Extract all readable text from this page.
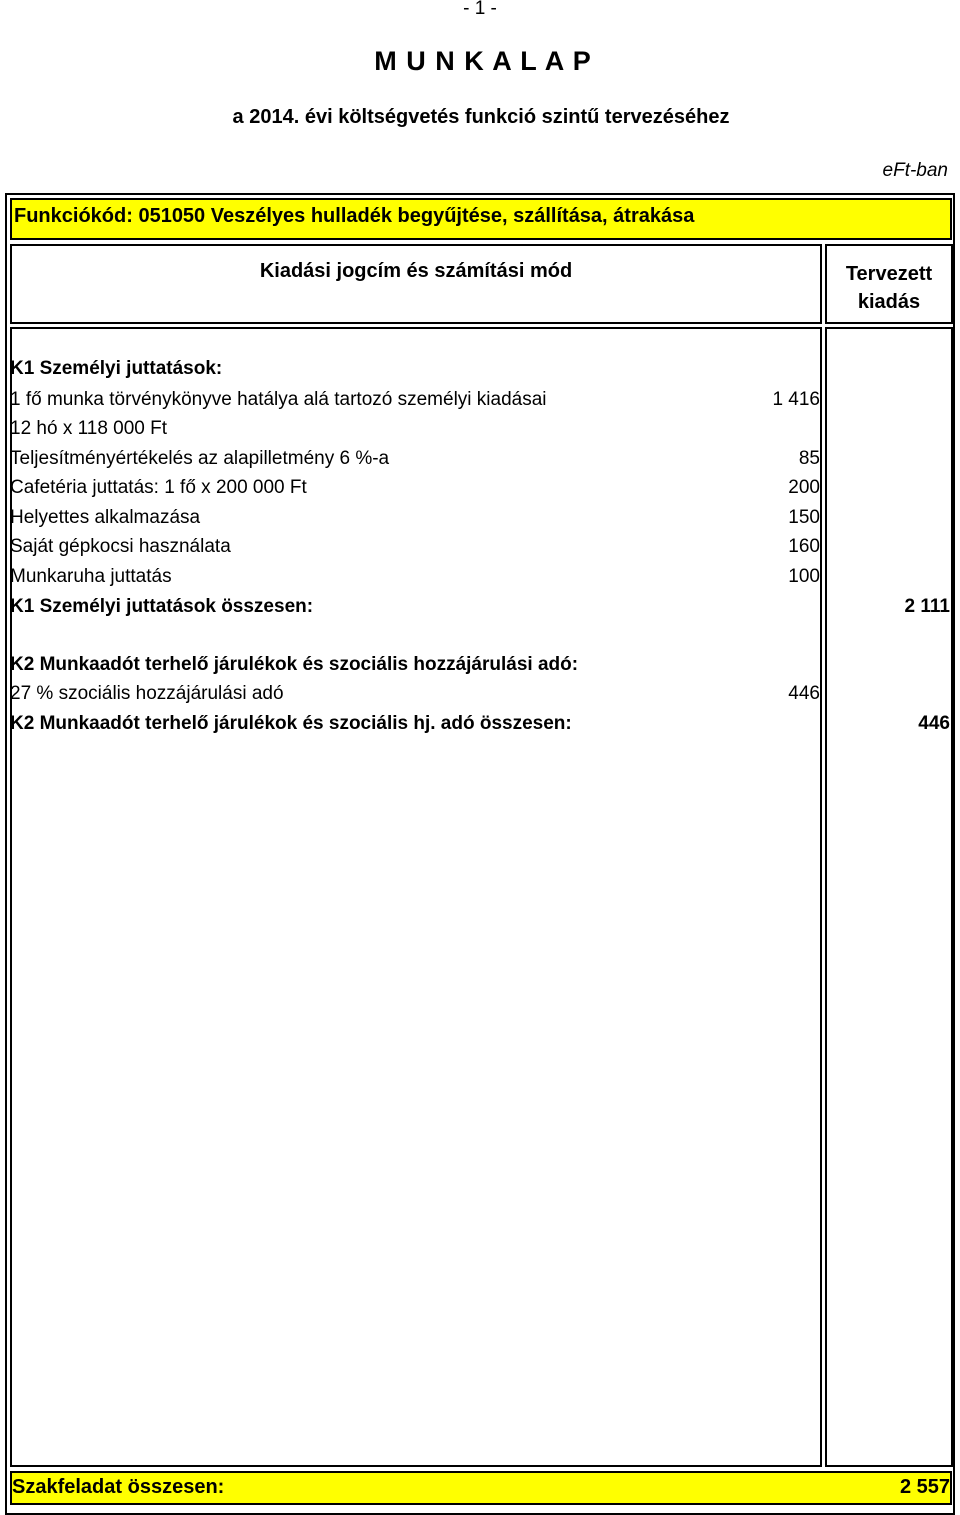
- 1 -
M U N K A L A P
a 2014. évi költségvetés funkció szintű tervezéséhez
eFt-ban
Funkciókód: 051050 Veszélyes hulladék begyűjtése, szállítása, átrakása
Kiadási jogcím és számítási mód	Tervezett
kiadás
K1 Személyi juttatások:
1 fő munka törvénykönyve hatálya alá tartozó személyi kiadásai	1 416
12 hó x 118 000 Ft
Teljesítményértékelés az alapilletmény 6 %-a	85
Cafetéria juttatás: 1 fő x 200 000 Ft	200
Helyettes alkalmazása	150
Saját gépkocsi használata	160
Munkaruha juttatás	100
K1 Személyi juttatások összesen:	2 111
K2 Munkaadót terhelő járulékok és szociális hozzájárulási adó:
27 % szociális hozzájárulási adó	446
K2 Munkaadót terhelő járulékok és szociális hj. adó összesen:	446
Szakfeladat összesen:	2 557
